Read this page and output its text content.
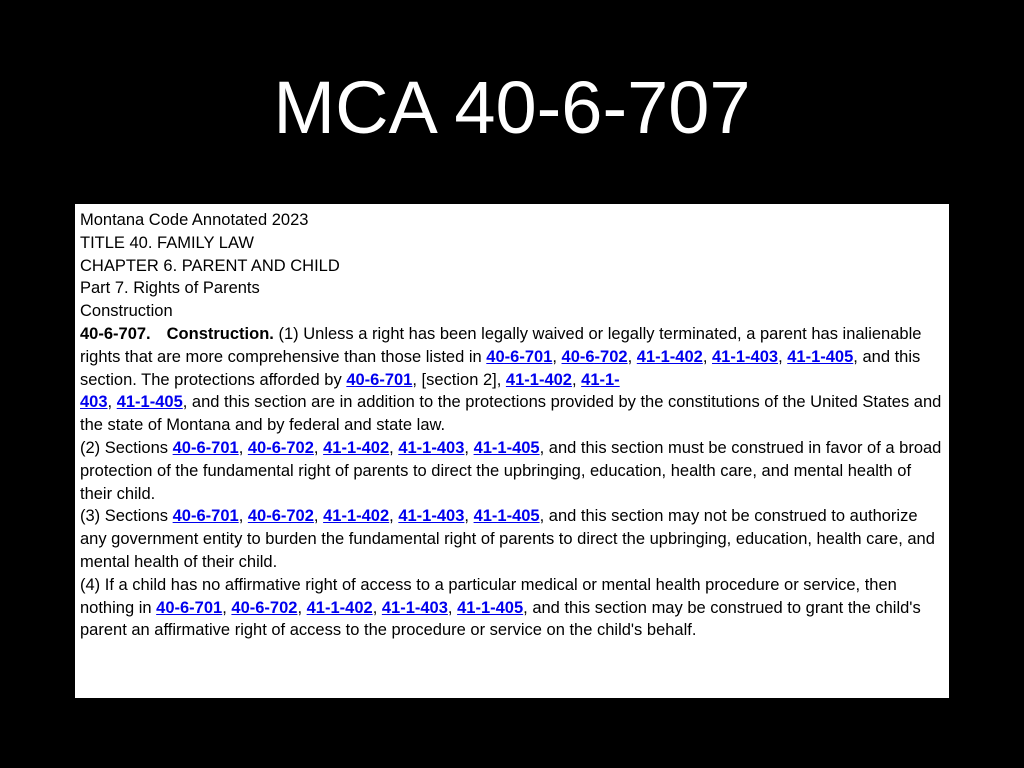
MCA 40-6-707

Montana Code Annotated 2023

TITLE 40. FAMILY LAW

CHAPTER 6. PARENT AND CHILD

Part 7. Rights of Parents

Construction

40-6-707. Construction. (1) Unless a right has been legally waived or legally terminated, a parent has inalienable rights that are more comprehensive than those listed in 40-6-701, 40-6-702, 41-1-402, 41-1-403, 41-1-405, and this section. The protections afforded by 40-6-701, [section 2], 41-1-402, 41-1-
403, 41-1-405, and this section are in addition to the protections provided by the constitutions of the United States and the state of Montana and by federal and state law.

(2) Sections 40-6-701, 40-6-702, 41-1-402, 41-1-403, 41-1-405, and this section must be construed in favor of a broad protection of the fundamental right of parents to direct the upbringing, education, health care, and mental health of their child.

(3) Sections 40-6-701, 40-6-702, 41-1-402, 41-1-403, 41-1-405, and this section may not be construed to authorize any government entity to burden the fundamental right of parents to direct the upbringing, education, health care, and mental health of their child.

(4) If a child has no affirmative right of access to a particular medical or mental health procedure or service, then nothing in 40-6-701, 40-6-702, 41-1-402, 41-1-403, 41-1-405, and this section may be construed to grant the child's parent an affirmative right of access to the procedure or service on the child's behalf.
